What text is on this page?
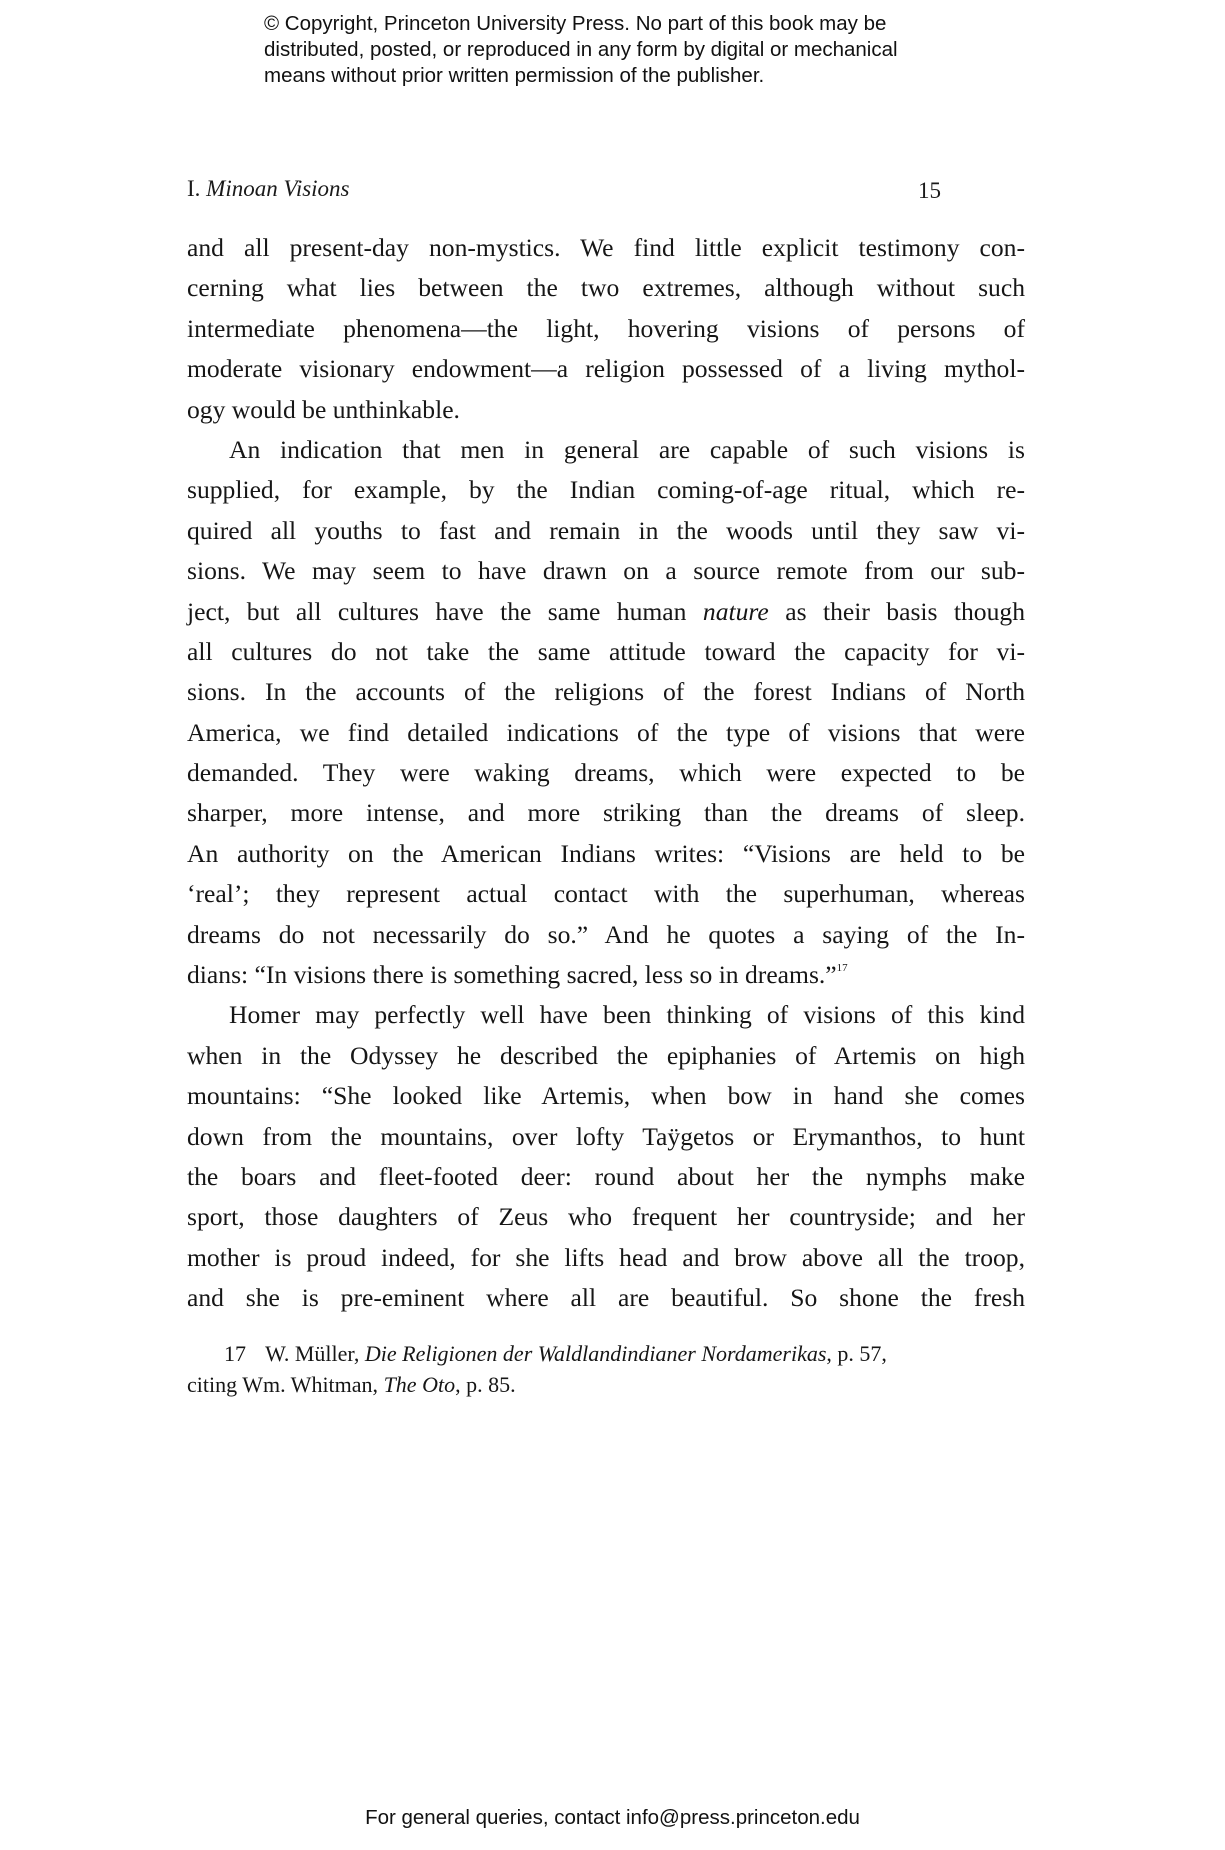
© Copyright, Princeton University Press. No part of this book may be
distributed, posted, or reproduced in any form by digital or mechanical
means without prior written permission of the publisher.
I. Minoan Visions	15
and all present-day non-mystics. We find little explicit testimony con-
cerning what lies between the two extremes, although without such
intermediate phenomena—the light, hovering visions of persons of
moderate visionary endowment—a religion possessed of a living mythol-
ogy would be unthinkable.
An indication that men in general are capable of such visions is
supplied, for example, by the Indian coming-of-age ritual, which re-
quired all youths to fast and remain in the woods until they saw vi-
sions. We may seem to have drawn on a source remote from our sub-
ject, but all cultures have the same human nature as their basis though
all cultures do not take the same attitude toward the capacity for vi-
sions. In the accounts of the religions of the forest Indians of North
America, we find detailed indications of the type of visions that were
demanded. They were waking dreams, which were expected to be
sharper, more intense, and more striking than the dreams of sleep.
An authority on the American Indians writes: “Visions are held to be
‘real’; they represent actual contact with the superhuman, whereas
dreams do not necessarily do so.” And he quotes a saying of the In-
dians: “In visions there is something sacred, less so in dreams.”$^{17}$
Homer may perfectly well have been thinking of visions of this kind
when in the Odyssey he described the epiphanies of Artemis on high
mountains: “She looked like Artemis, when bow in hand she comes
down from the mountains, over lofty Taÿgetos or Erymanthos, to hunt
the boars and fleet-footed deer: round about her the nymphs make
sport, those daughters of Zeus who frequent her countryside; and her
mother is proud indeed, for she lifts head and brow above all the troop,
and she is pre-eminent where all are beautiful. So shone the fresh
17 W. Müller, Die Religionen der Waldlandindianer Nordamerikas, p. 57,
citing Wm. Whitman, The Oto, p. 85.
For general queries, contact info@press.princeton.edu
